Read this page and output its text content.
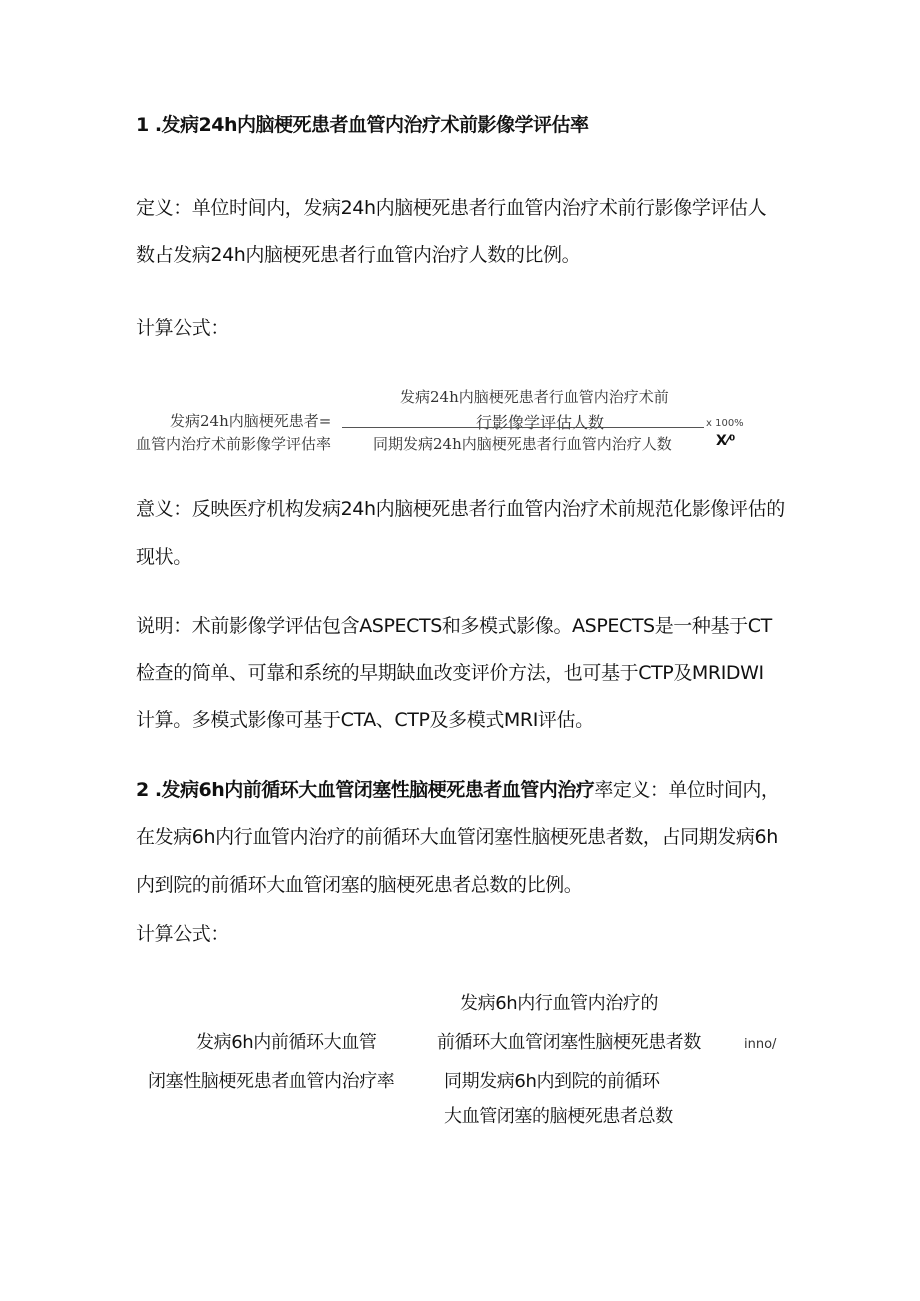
1 .发病24h内脑梗死患者血管内治疗术前影像学评估率
定义：单位时间内，发病24h内脑梗死患者行血管内治疗术前行影像学评估人
数占发病24h内脑梗死患者行血管内治疗人数的比例。
计算公式：
发病24h内脑梗死患者行血管内治疗术前
发病24h内脑梗死患者=	行影像学评估人数	x 100%
血管内治疗术前影像学评估率	同期发病24h内脑梗死患者行血管内治疗人数	X⁄⁰
意义：反映医疗机构发病24h内脑梗死患者行血管内治疗术前规范化影像评估的
现状。
说明：术前影像学评估包含ASPECTS和多模式影像。ASPECTS是一种基于CT
检查的简单、可靠和系统的早期缺血改变评价方法，也可基于CTP及MRIDWI
计算。多模式影像可基于CTA、CTP及多模式MRI评估。
2 .发病6h内前循环大血管闭塞性脑梗死患者血管内治疗率定义：单位时间内，
在发病6h内行血管内治疗的前循环大血管闭塞性脑梗死患者数，占同期发病6h
内到院的前循环大血管闭塞的脑梗死患者总数的比例。
计算公式：
发病6h内行血管内治疗的
发病6h内前循环大血管	前循环大血管闭塞性脑梗死患者数	inno/
闭塞性脑梗死患者血管内治疗率	同期发病6h内到院的前循环
大血管闭塞的脑梗死患者总数
